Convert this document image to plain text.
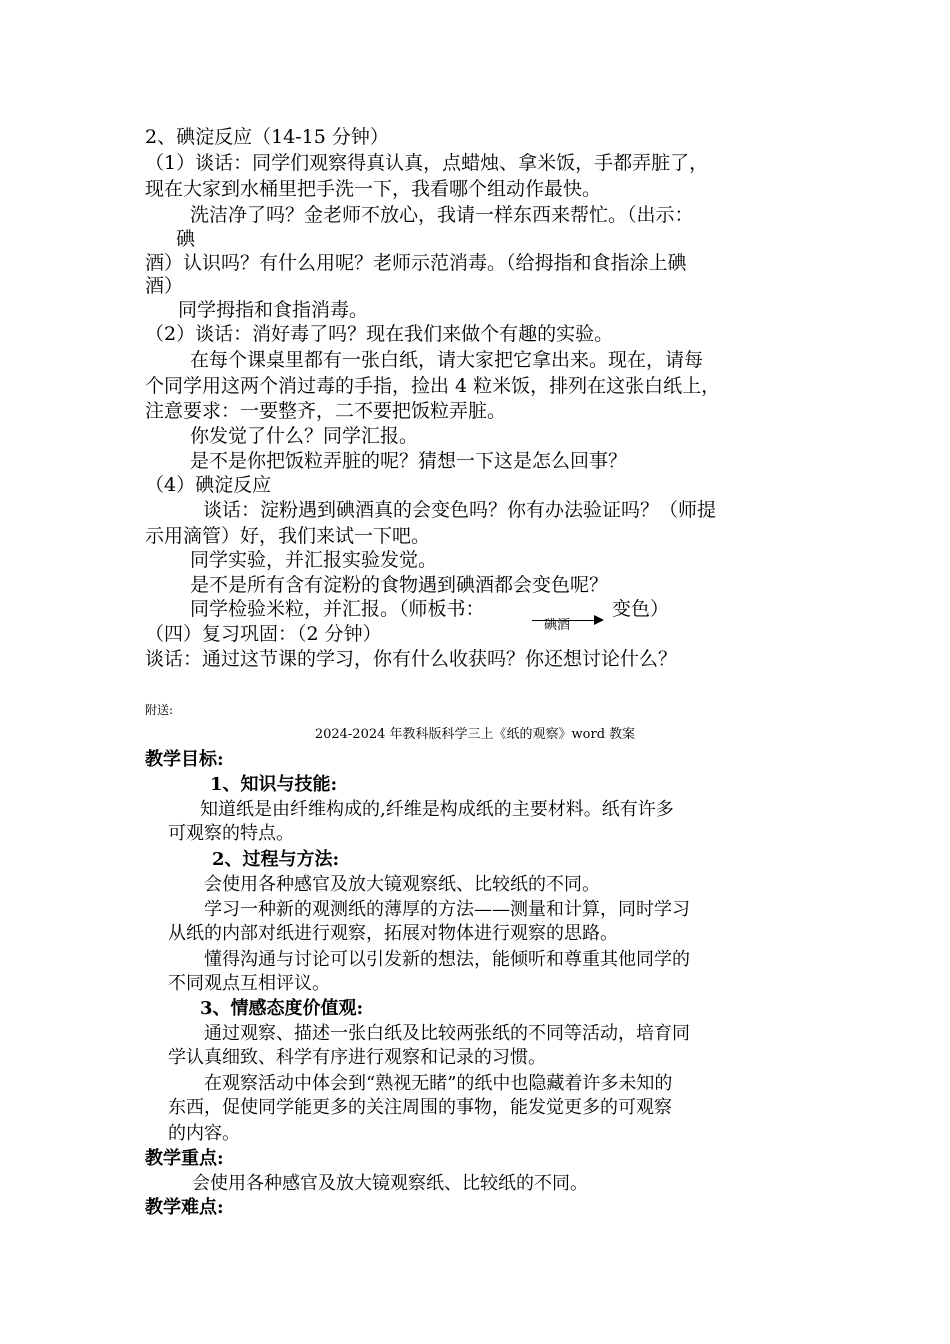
2、碘淀反应（14-15 分钟）
（1）谈话：同学们观察得真认真，点蜡烛、拿米饭，手都弄脏了，
现在大家到水桶里把手洗一下，我看哪个组动作最快。
洗洁净了吗？金老师不放心，我请一样东西来帮忙。（出示：
碘
酒）认识吗？有什么用呢？老师示范消毒。（给拇指和食指涂上碘
酒）
同学拇指和食指消毒。
（2）谈话：消好毒了吗？现在我们来做个有趣的实验。
在每个课桌里都有一张白纸，请大家把它拿出来。现在，请每
个同学用这两个消过毒的手指，捡出 4 粒米饭，排列在这张白纸上，
注意要求：一要整齐，二不要把饭粒弄脏。
你发觉了什么？同学汇报。
是不是你把饭粒弄脏的呢？猜想一下这是怎么回事？
（4）碘淀反应
谈话：淀粉遇到碘酒真的会变色吗？你有办法验证吗？（师提
示用滴管）好，我们来试一下吧。
同学实验，并汇报实验发觉。
是不是所有含有淀粉的食物遇到碘酒都会变色呢？
同学检验米粒，并汇报。（师板书：
碘酒
变色）
（四）复习巩固：（2 分钟）
谈话：通过这节课的学习，你有什么收获吗？你还想讨论什么？
附送:
2024-2024 年教科版科学三上《纸的观察》word 教案
教学目标:
1、知识与技能:
知道纸是由纤维构成的,纤维是构成纸的主要材料。纸有许多
可观察的特点。
2、过程与方法:
会使用各种感官及放大镜观察纸、比较纸的不同。
学习一种新的观测纸的薄厚的方法——测量和计算，同时学习
从纸的内部对纸进行观察，拓展对物体进行观察的思路。
懂得沟通与讨论可以引发新的想法，能倾听和尊重其他同学的
不同观点互相评议。
3、情感态度价值观:
通过观察、描述一张白纸及比较两张纸的不同等活动，培育同
学认真细致、科学有序进行观察和记录的习惯。
在观察活动中体会到“熟视无睹”的纸中也隐藏着许多未知的
东西，促使同学能更多的关注周围的事物，能发觉更多的可观察
的内容。
教学重点:
会使用各种感官及放大镜观察纸、比较纸的不同。
教学难点:
